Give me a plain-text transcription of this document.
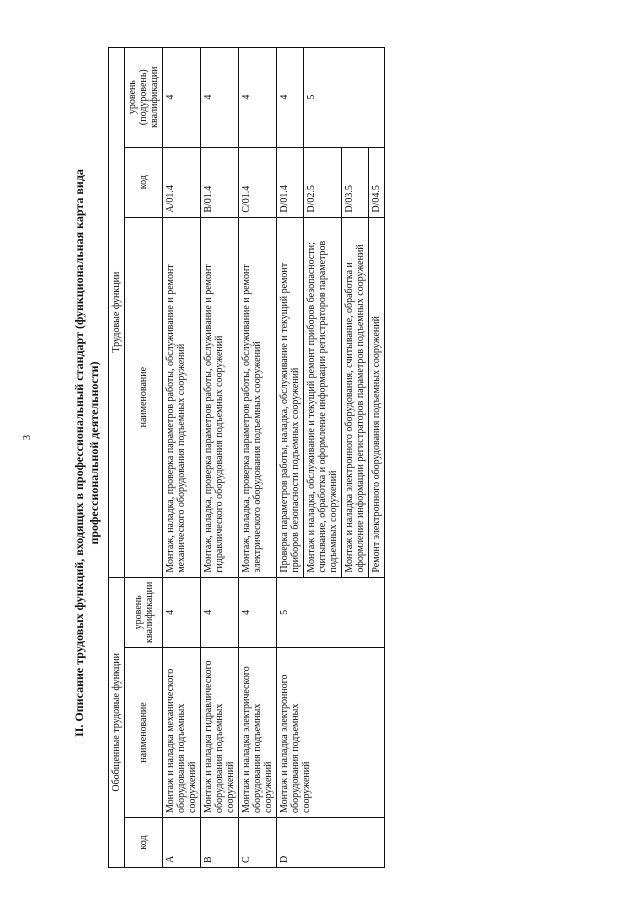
3	II. Описание трудовых функций, входящих в профессиональный стандарт (функциональная карта вида профессиональной деятельности)
Обобщенные трудовые функции			Трудовые функции		
код	наименование	уровень квалификации	наименование	код	уровень (подуровень) квалификации
A	Монтаж и наладка механического оборудования подъемных сооружений	4	Монтаж, наладка, проверка параметров работы, обслуживание и ремонт механического оборудования подъемных сооружений	A/01.4	4
B	Монтаж и наладка гидравлического оборудования подъемных сооружений	4	Монтаж, наладка, проверка параметров работы, обслуживание и ремонт гидравлического оборудования подъемных сооружений	B/01.4	4
C	Монтаж и наладка электрического оборудования подъемных сооружений	4	Монтаж, наладка, проверка параметров работы, обслуживание и ремонт электрического оборудования подъемных сооружений	C/01.4	4
D	Монтаж и наладка электронного оборудования подъемных сооружений	5	Проверка параметров работы, наладка, обслуживание и текущий ремонт приборов безопасности подъемных сооружений	D/01.4	4
			Монтаж и наладка, обслуживание и текущий ремонт приборов безопасности; считывание, обработка и оформление информации регистраторов параметров подъемных сооружений	D/02.5	5
			Монтаж и наладка электронного оборудования, считывание, обработка и оформление информации регистраторов параметров подъемных сооружений	D/03.5	
			Ремонт электронного оборудования подъемных сооружений	D/04.5	
